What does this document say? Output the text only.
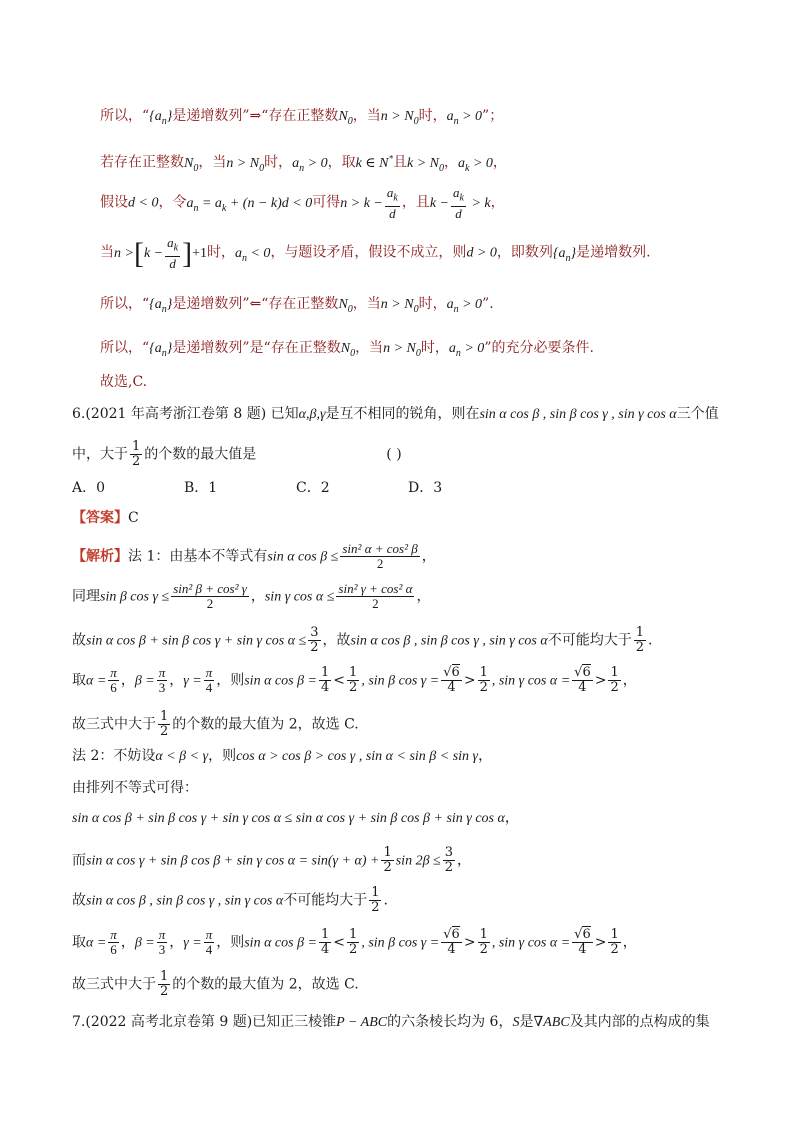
所以，“$\{a_n\}$是递增数列”⇒“存在正整数$N_0$，当$n > N_0$时，$a_n > 0$”；
若存在正整数$N_0$，当$n > N_0$时，$a_n > 0$，取k ∈ N*且$k > N_0$，$a_k > 0$，
假设d < 0，令$a_n = a_k + (n - k)d < 0$可得$n > k - \frac{a_k}{d}$ ，且$k - \frac{a_k}{d} > k$，
当$n >[k - \frac{a_k}{d} ]+1$时，$a_n < 0$，与题设矛盾，假设不成立，则d > 0，即数列$\{a_n\}$是递增数列.
所以，“$\{a_n\}$是递增数列”⇐“存在正整数$N_0$，当$n > N_0$时，$a_n > 0$”.
所以，“$\{a_n\}$是递增数列”是“存在正整数$N_0$，当$n > N_0$时，$a_n > 0$”的充分必要条件.
故选,C.
6.(2021 年高考浙江卷第 8 题) 已知α,β,γ是互不相同的锐角，则在sin α cos β , sin β cos γ , sin γ cos α三个值
中，大于 $\frac{1}{2}$ 的个数的最大值是	( )
A．0	B．1	C．2	D．3
【答案】C
【解析】法 1：由基本不等式有sin α $\cos \beta \le \frac{\text{sin² α + cos² β}}{2}$ ，
同理sin β $\cos \gamma \le \frac{\text{sin² β + cos² γ}}{2}$ ，sin γ $\cos \alpha \le \frac{\text{sin² γ + cos² α}}{2}$ ，
故sin α cos β + sin β cos γ + sin γ $\cos \alpha \le \frac{3}{2}$ ，故sin α cos β , sin β cos γ , sin γ cos α不可能均大于 $\frac{1}{2}$ .
取$\alpha = \frac{\pi}{6}$ ，$\beta = \frac{\pi}{3}$ ，$\gamma = \frac{\pi}{4}$ ，则sin α $\cos \beta = \frac{1}{4} < \frac{1}{2}$ , sin β $\cos \gamma = \frac{√6}{4} > \frac{1}{2}$ , sin γ $\cos \alpha = \frac{√6}{4} > \frac{1}{2}$ ，
故三式中大于 $\frac{1}{2}$ 的个数的最大值为 2，故选 C.
法 2：不妨设α < β < γ，则cos α > cos β > cos γ , sin α < sin β < sin γ，
由排列不等式可得：
sin α cos β + sin β cos γ + sin γ cos α ≤ sin α cos γ + sin β cos β + sin γ cos α，
而sin α cos γ + sin β cos β + sin γ $\cos \alpha = \sin(\gamma + \alpha) + \frac{1}{2}$ $\sin 2\beta \le \frac{3}{2}$ ，
故sin α cos β , sin β cos γ , sin γ cos α不可能均大于 $\frac{1}{2}$ .
取$\alpha = \frac{\pi}{6}$ ，$\beta = \frac{\pi}{3}$ ，$\gamma = \frac{\pi}{4}$ ，则sin α $\cos \beta = \frac{1}{4} < \frac{1}{2}$ , sin β $\cos \gamma = \frac{√6}{4} > \frac{1}{2}$ , sin γ $\cos \alpha = \frac{√6}{4} > \frac{1}{2}$ ，
故三式中大于 $\frac{1}{2}$ 的个数的最大值为 2，故选 C.
7.(2022 高考北京卷第 9 题)已知正三棱锥P − ABC的六条棱长均为 6，S是∇ABC及其内部的点构成的集
